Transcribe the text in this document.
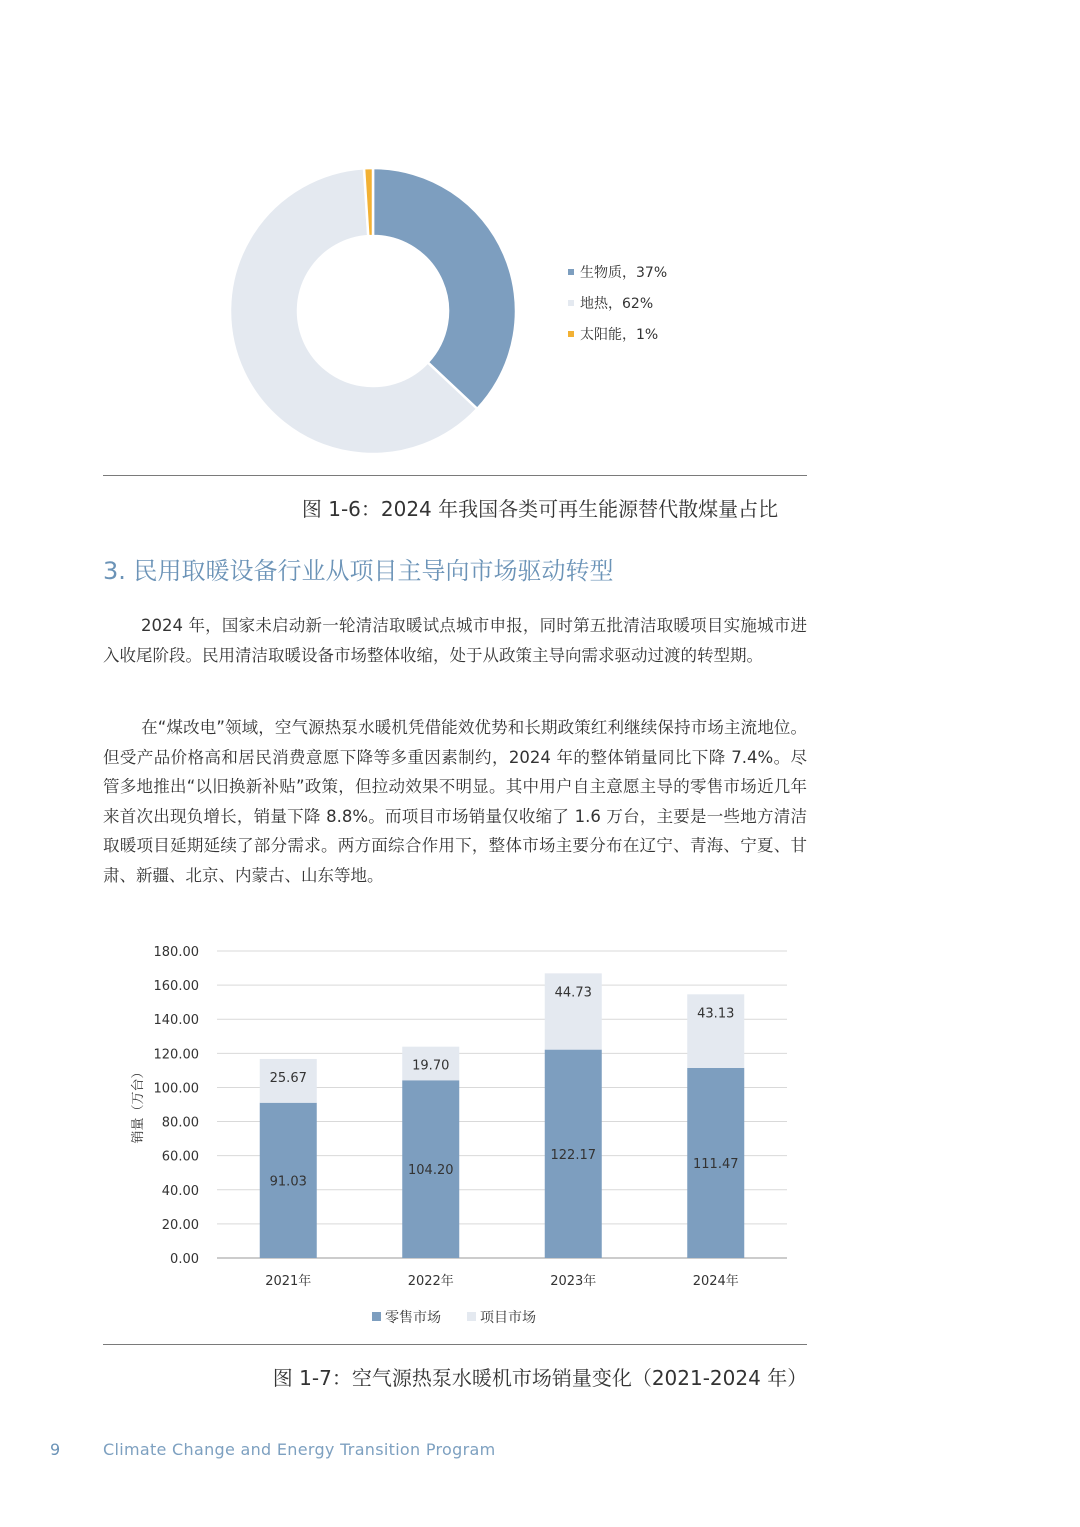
生物质，37%
地热，62%
太阳能，1%
图 1-6：2024 年我国各类可再生能源替代散煤量占比
3. 民用取暖设备行业从项目主导向市场驱动转型
2024 年，国家未启动新一轮清洁取暖试点城市申报，同时第五批清洁取暖项目实施城市进入收尾阶段。民用清洁取暖设备市场整体收缩，处于从政策主导向需求驱动过渡的转型期。
在“煤改电”领域，空气源热泵水暖机凭借能效优势和长期政策红利继续保持市场主流地位。但受产品价格高和居民消费意愿下降等多重因素制约，2024 年的整体销量同比下降 7.4%。尽管多地推出“以旧换新补贴”政策，但拉动效果不明显。其中用户自主意愿主导的零售市场近几年来首次出现负增长，销量下降 8.8%。而项目市场销量仅收缩了 1.6 万台，主要是一些地方清洁取暖项目延期延续了部分需求。两方面综合作用下，整体市场主要分布在辽宁、青海、宁夏、甘肃、新疆、北京、内蒙古、山东等地。
0.00
20.00
40.00
60.00
80.00
100.00
120.00
140.00
160.00
180.00
销量（万台）
91.03
25.67
2021年
104.20
19.70
2022年
122.17
44.73
2023年
111.47
43.13
2024年
零售市场	项目市场
图 1-7：空气源热泵水暖机市场销量变化（2021-2024 年）
9	Climate Change and Energy Transition Program
